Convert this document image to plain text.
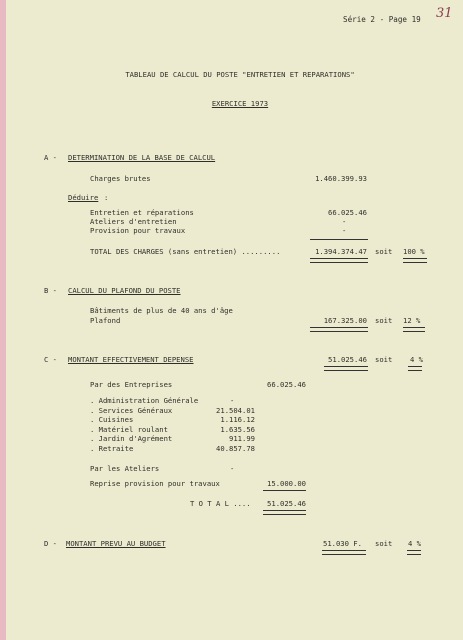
Série 2 - Page 19 31
TABLEAU DE CALCUL DU POSTE "ENTRETIEN ET REPARATIONS"
EXERCICE 1973
A - DETERMINATION DE LA BASE DE CALCUL
Charges brutes	1.460.399.93
Déduire :
Entretien et réparations	66.025.46
Ateliers d'entretien	-
Provision pour travaux	-
TOTAL DES CHARGES (sans entretien) .........	1.394.374.47 soit 100 %
B - CALCUL DU PLAFOND DU POSTE
Bâtiments de plus de 40 ans d'âge
Plafond	167.325.00 soit 12 %
C - MONTANT EFFECTIVEMENT DEPENSE	51.025.46 soit 4 %
Par des Entreprises	66.025.46
. Administration Générale	-
. Services Généraux	21.504.01
. Cuisines	1.116.12
. Matériel roulant	1.635.56
. Jardin d'Agrément	911.99
. Retraite	40.857.78
Par les Ateliers	-
Reprise provision pour travaux	15.000.00
T O T A L ....	51.025.46
D - MONTANT PREVU AU BUDGET	51.030 F. soit 4 %
